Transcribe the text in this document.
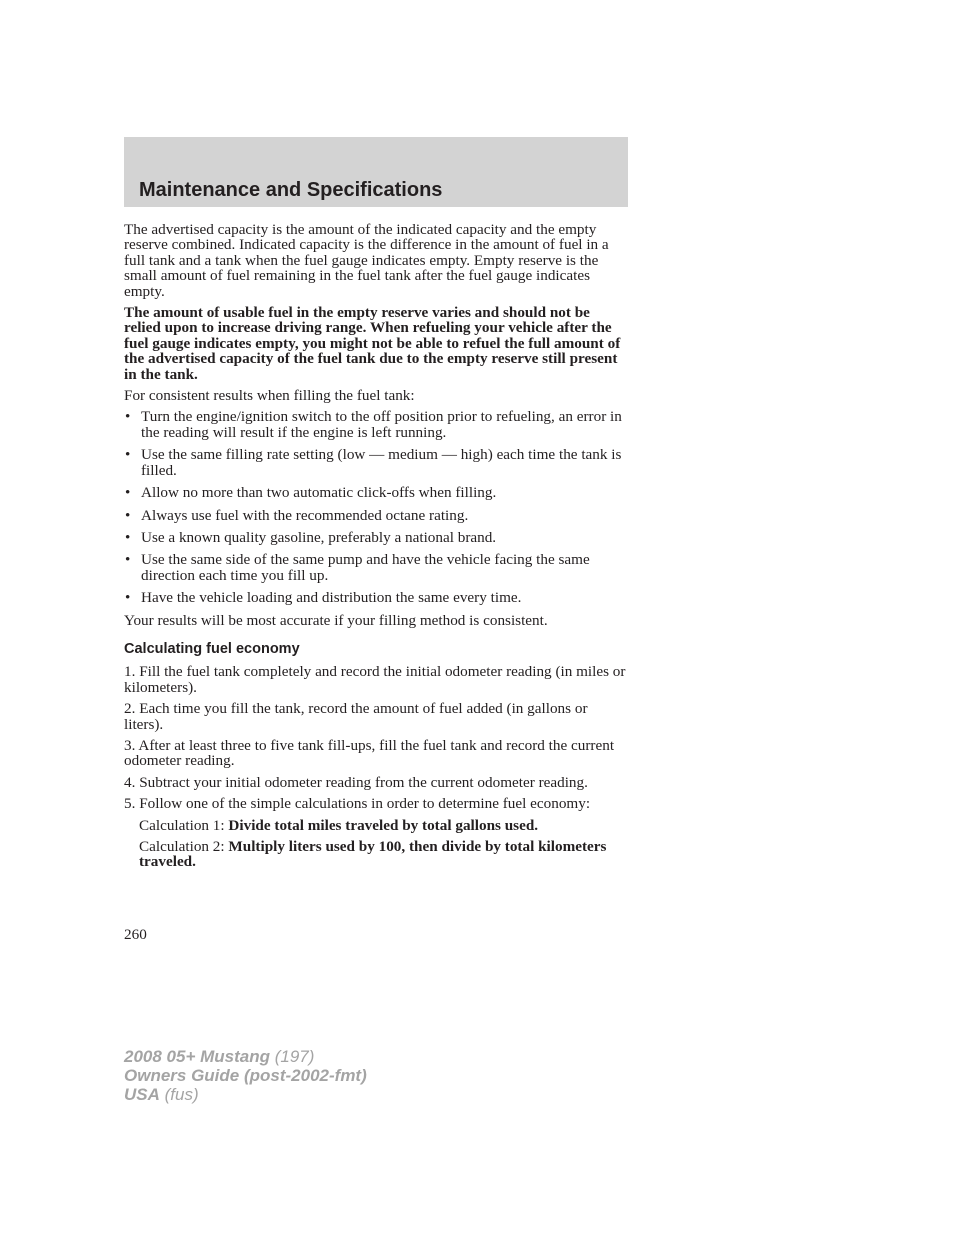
Maintenance and Specifications

The advertised capacity is the amount of the indicated capacity and the empty reserve combined. Indicated capacity is the difference in the amount of fuel in a full tank and a tank when the fuel gauge indicates empty. Empty reserve is the small amount of fuel remaining in the fuel tank after the fuel gauge indicates empty.

The amount of usable fuel in the empty reserve varies and should not be relied upon to increase driving range. When refueling your vehicle after the fuel gauge indicates empty, you might not be able to refuel the full amount of the advertised capacity of the fuel tank due to the empty reserve still present in the tank.

For consistent results when filling the fuel tank:

• Turn the engine/ignition switch to the off position prior to refueling, an error in the reading will result if the engine is left running.
• Use the same filling rate setting (low — medium — high) each time the tank is filled.
• Allow no more than two automatic click-offs when filling.
• Always use fuel with the recommended octane rating.
• Use a known quality gasoline, preferably a national brand.
• Use the same side of the same pump and have the vehicle facing the same direction each time you fill up.
• Have the vehicle loading and distribution the same every time.

Your results will be most accurate if your filling method is consistent.

Calculating fuel economy

1. Fill the fuel tank completely and record the initial odometer reading (in miles or kilometers).

2. Each time you fill the tank, record the amount of fuel added (in gallons or liters).

3. After at least three to five tank fill-ups, fill the fuel tank and record the current odometer reading.

4. Subtract your initial odometer reading from the current odometer reading.

5. Follow one of the simple calculations in order to determine fuel economy:

Calculation 1: Divide total miles traveled by total gallons used.

Calculation 2: Multiply liters used by 100, then divide by total kilometers traveled.

260
2008 05+ Mustang (197)
Owners Guide (post-2002-fmt)
USA (fus)
